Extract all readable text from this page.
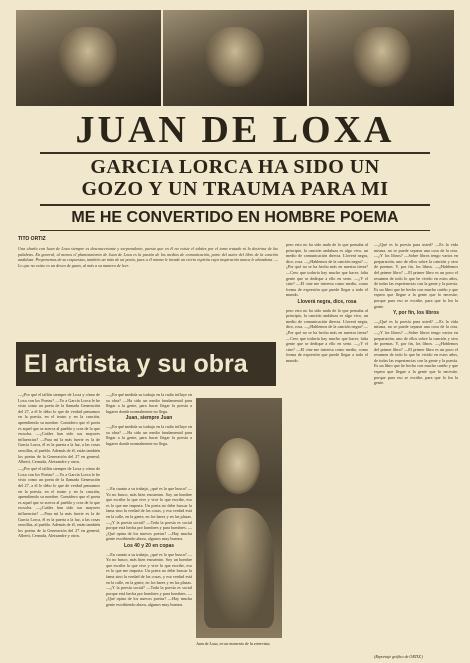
JUAN DE LOXA
GARCIA LORCA HA SIDO UN
GOZO Y UN TRAUMA PARA MI
ME HE CONVERTIDO EN HOMBRE POEMA
TITO ORTIZ

Una charla con Juan de Loxa siempre es desconcertante y sorprendente, puesto que en él no existe el tabúes por el tema tratado ni la doctrina de las palabras. En general, al menos el planteamiento de Juan de Loxa es la pasión de los medios de comunicación, parte del autor del libro de la canción andaluza. Proponemos de su respuestas, también un mito de un poeta, pues a él mismo le invade un cierto espíritu cuya inspiración nunca le abandona. —Lo que no existe es un deseo de gusto, al más a su manera de leer.

pero esto no ha sido nada de lo que pensaba al principio, la canción andaluza es algo vivo, un medio de comunicación directa. Lloverá negra, dice, rosa. —¿Hablemos de la canción negra? —¿Por qué no se ha hecho más en nuestra tierra? —Creo que todavía hay mucho que hacer, falta gente que se dedique a ello en serio. —¿Y el cine? —El cine me interesa como medio, como forma de expresión que puede llegar a todo el mundo.

Lloverá negra, dice, rosa

pero esto no ha sido nada de lo que pensaba al principio, la canción andaluza es algo vivo, un medio de comunicación directa. Lloverá negra, dice, rosa. —¿Hablemos de la canción negra? —¿Por qué no se ha hecho más en nuestra tierra? —Creo que todavía hay mucho que hacer, falta gente que se dedique a ello en serio. —¿Y el cine? —El cine me interesa como medio, como forma de expresión que puede llegar a todo el mundo.

—¿Qué es la poesía para usted? —Es la vida misma, no se puede separar una cosa de la otra. —¿Y los libros? —Sobre libros tengo varios en preparación, uno de ellos sobre la canción y otro de poemas. Y, por fin, los libros. —¿Hablemos del primer libro? —El primer libro es un poco el resumen de todo lo que he vivido en estos años, de todas las experiencias con la gente y la poesía. Es un libro que he hecho con mucho cariño y que espero que llegue a la gente que lo necesite, porque para eso se escribe, para que lo lea la gente.

Y, por fin, los libros

—¿Qué es la poesía para usted? —Es la vida misma, no se puede separar una cosa de la otra. —¿Y los libros? —Sobre libros tengo varios en preparación, uno de ellos sobre la canción y otro de poemas. Y, por fin, los libros. —¿Hablemos del primer libro? —El primer libro es un poco el resumen de todo lo que he vivido en estos años, de todas las experiencias con la gente y la poesía. Es un libro que he hecho con mucho cariño y que espero que llegue a la gente que lo necesite, porque para eso se escribe, para que lo lea la gente.

El artista y su obra

—¿Por qué el tallón siempre de Loxa y cómo de Loxa con los Poetas? —Yo a García Lorca le he visto como un poeta de la llamada Generación del 27, a él le debo lo que de verdad pensamos en la poesía, en el teatro y en la canción, aprendiendo su nombre. Considero que el poeta es aquel que se acerca al pueblo y crea de lo que escucha. —¿Cuáles han sido sus mayores influencias? —Para mí la más fuerte es la de García Lorca, él es la puerta a la luz, a las cosas sencillas, al pueblo. Además de él, están también los poetas de la Generación del 27 en general, Alberti, Cernuda, Aleixandre y otros.

—¿Por qué el tallón siempre de Loxa y cómo de Loxa con los Poetas? —Yo a García Lorca le he visto como un poeta de la llamada Generación del 27, a él le debo lo que de verdad pensamos en la poesía, en el teatro y en la canción, aprendiendo su nombre. Considero que el poeta es aquel que se acerca al pueblo y crea de lo que escucha. —¿Cuáles han sido sus mayores influencias? —Para mí la más fuerte es la de García Lorca, él es la puerta a la luz, a las cosas sencillas, al pueblo. Además de él, están también los poetas de la Generación del 27 en general, Alberti, Cernuda, Aleixandre y otros.

—¿En qué medida su trabajo en la radio influye en su obra? —Ha sido un medio fundamental para llegar a la gente, para hacer llegar la poesía a lugares donde normalmente no llega.

Juan, siempre Juan

—¿En qué medida su trabajo en la radio influye en su obra? —Ha sido un medio fundamental para llegar a la gente, para hacer llegar la poesía a lugares donde normalmente no llega.

—En cuanto a su trabajo, ¿qué es lo que busca? —Yo no busco, más bien encuentro. Soy un hombre que escribe lo que vive y vive lo que escribe, eso es lo que me importa. Un poeta no debe buscar la fama sino la verdad de las cosas, y esa verdad está en la calle, en la gente, en los bares y en las plazas. —¿Y la poesía social? —Toda la poesía es social porque está hecha por hombres y para hombres. —¿Qué opina de los nuevos poetas? —Hay mucha gente escribiendo ahora, algunos muy buenos.

Los 40 y 20 en copas

—En cuanto a su trabajo, ¿qué es lo que busca? —Yo no busco, más bien encuentro. Soy un hombre que escribe lo que vive y vive lo que escribe, eso es lo que me importa. Un poeta no debe buscar la fama sino la verdad de las cosas, y esa verdad está en la calle, en la gente, en los bares y en las plazas. —¿Y la poesía social? —Toda la poesía es social porque está hecha por hombres y para hombres. —¿Qué opina de los nuevos poetas? —Hay mucha gente escribiendo ahora, algunos muy buenos.

Juan de Loxa, en un momento de la entrevista.
(Reportaje gráfico de ORTIZ.)
